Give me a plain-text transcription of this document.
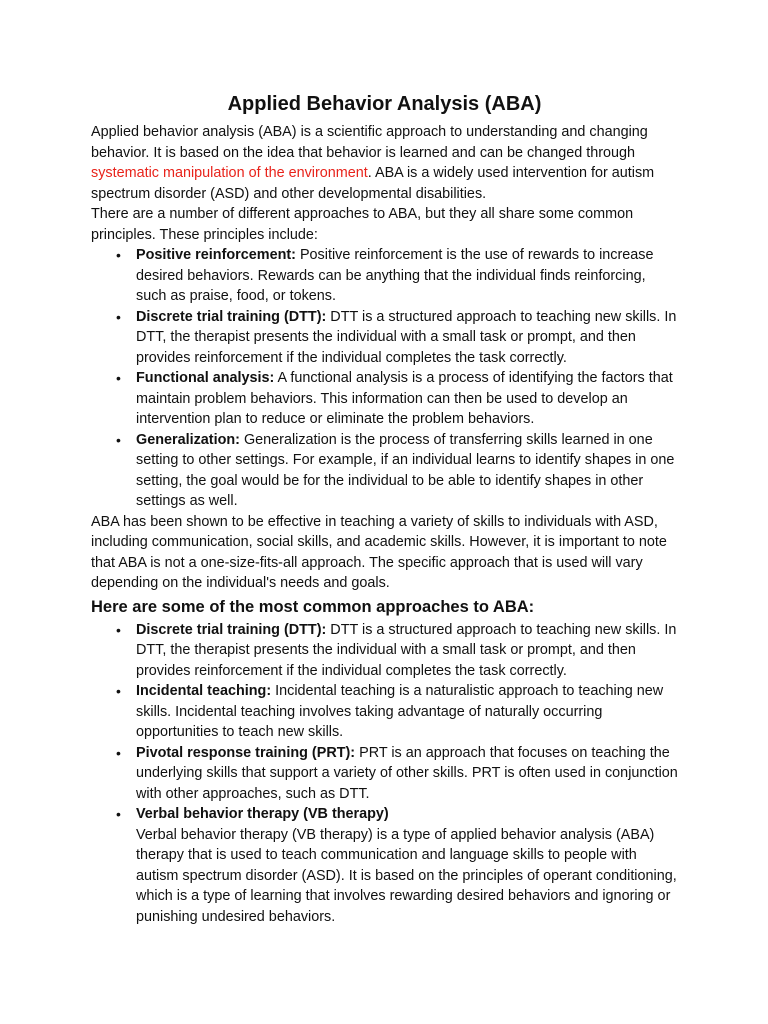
Applied Behavior Analysis (ABA)

Applied behavior analysis (ABA) is a scientific approach to understanding and changing behavior. It is based on the idea that behavior is learned and can be changed through systematic manipulation of the environment. ABA is a widely used intervention for autism spectrum disorder (ASD) and other developmental disabilities.

There are a number of different approaches to ABA, but they all share some common principles. These principles include:

• Positive reinforcement: Positive reinforcement is the use of rewards to increase desired behaviors. Rewards can be anything that the individual finds reinforcing, such as praise, food, or tokens.
• Discrete trial training (DTT): DTT is a structured approach to teaching new skills. In DTT, the therapist presents the individual with a small task or prompt, and then provides reinforcement if the individual completes the task correctly.
• Functional analysis: A functional analysis is a process of identifying the factors that maintain problem behaviors. This information can then be used to develop an intervention plan to reduce or eliminate the problem behaviors.
• Generalization: Generalization is the process of transferring skills learned in one setting to other settings. For example, if an individual learns to identify shapes in one setting, the goal would be for the individual to be able to identify shapes in other settings as well.

ABA has been shown to be effective in teaching a variety of skills to individuals with ASD, including communication, social skills, and academic skills. However, it is important to note that ABA is not a one-size-fits-all approach. The specific approach that is used will vary depending on the individual's needs and goals.

Here are some of the most common approaches to ABA:
• Discrete trial training (DTT): DTT is a structured approach to teaching new skills. In DTT, the therapist presents the individual with a small task or prompt, and then provides reinforcement if the individual completes the task correctly.
• Incidental teaching: Incidental teaching is a naturalistic approach to teaching new skills. Incidental teaching involves taking advantage of naturally occurring opportunities to teach new skills.
• Pivotal response training (PRT): PRT is an approach that focuses on teaching the underlying skills that support a variety of other skills. PRT is often used in conjunction with other approaches, such as DTT.
• Verbal behavior therapy (VB therapy)
Verbal behavior therapy (VB therapy) is a type of applied behavior analysis (ABA) therapy that is used to teach communication and language skills to people with autism spectrum disorder (ASD). It is based on the principles of operant conditioning, which is a type of learning that involves rewarding desired behaviors and ignoring or punishing undesired behaviors.
